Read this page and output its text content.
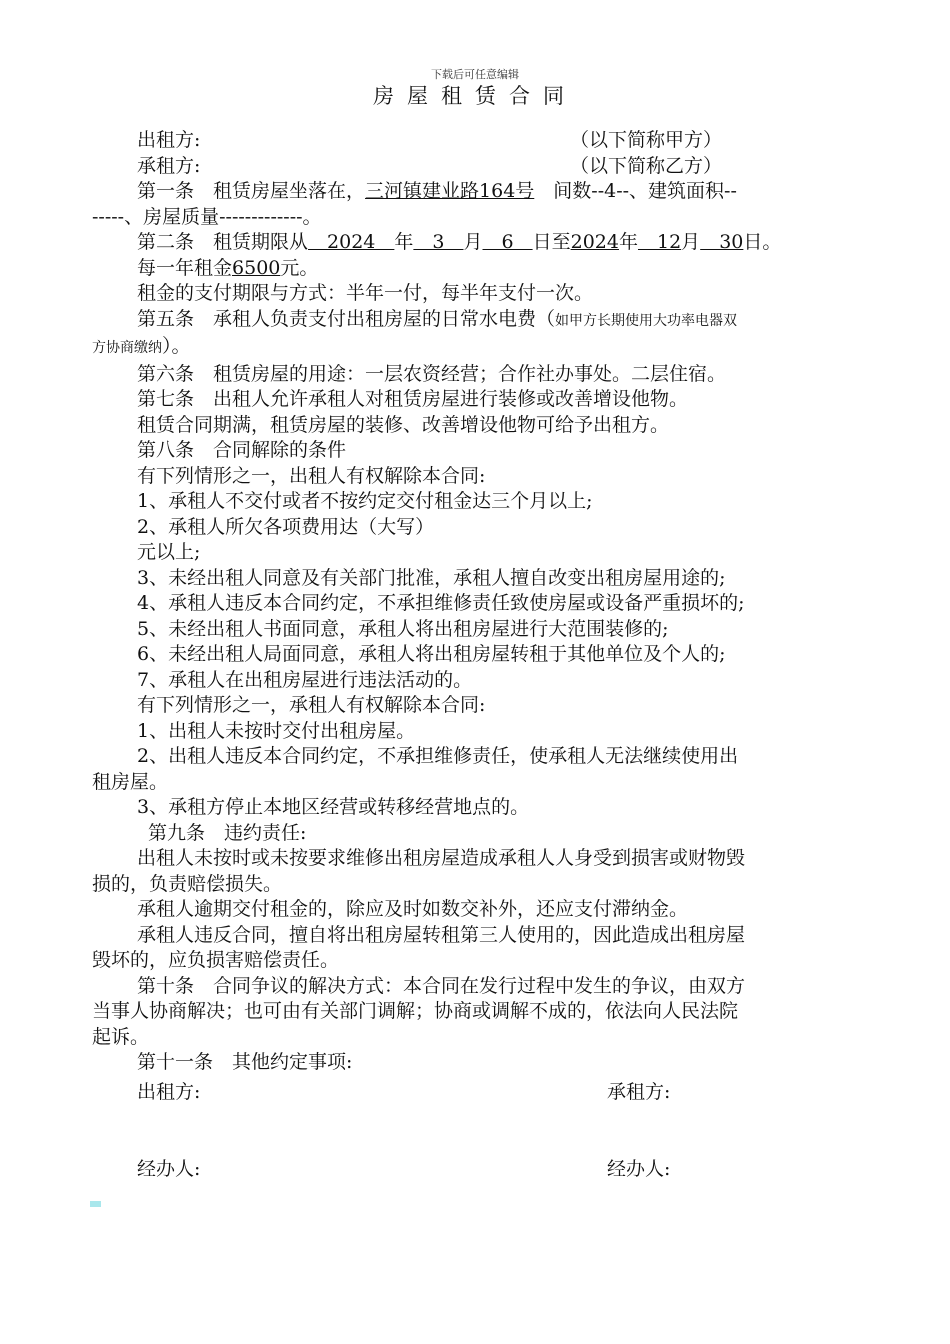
下载后可任意编辑
房屋租赁合同
出租方:	（以下简称甲方）
承租方:	（以下简称乙方）
第一条　租赁房屋坐落在，三河镇建业路164号　间数--4--、建筑面积--
-----、房屋质量-------------。
第二条　租赁期限从　2024　年　3　月　6　日至2024年　12月　30日。
每一年租金6500元。
租金的支付期限与方式：半年一付，每半年支付一次。
第五条　承租人负责支付出租房屋的日常水电费（如甲方长期使用大功率电器双
方协商缴纳）。
第六条　租赁房屋的用途：一层农资经营；合作社办事处。二层住宿。
第七条　出租人允许承租人对租赁房屋进行装修或改善增设他物。
租赁合同期满，租赁房屋的装修、改善增设他物可给予出租方。
第八条　合同解除的条件
有下列情形之一，出租人有权解除本合同:
1、承租人不交付或者不按约定交付租金达三个月以上;
2、承租人所欠各项费用达（大写）
元以上;
3、未经出租人同意及有关部门批准，承租人擅自改变出租房屋用途的;
4、承租人违反本合同约定，不承担维修责任致使房屋或设备严重损坏的;
5、未经出租人书面同意，承租人将出租房屋进行大范围装修的;
6、未经出租人局面同意，承租人将出租房屋转租于其他单位及个人的;
7、承租人在出租房屋进行违法活动的。
有下列情形之一，承租人有权解除本合同:
1、出租人未按时交付出租房屋。
2、出租人违反本合同约定，不承担维修责任，使承租人无法继续使用出
租房屋。
3、承租方停止本地区经营或转移经营地点的。
第九条　违约责任:
出租人未按时或未按要求维修出租房屋造成承租人人身受到损害或财物毁
损的，负责赔偿损失。
承租人逾期交付租金的，除应及时如数交补外，还应支付滞纳金。
承租人违反合同，擅自将出租房屋转租第三人使用的，因此造成出租房屋
毁坏的，应负损害赔偿责任。
第十条　合同争议的解决方式：本合同在发行过程中发生的争议，由双方
当事人协商解决；也可由有关部门调解；协商或调解不成的，依法向人民法院
起诉。
第十一条　其他约定事项:
出租方:	承租方:
经办人:	经办人:
